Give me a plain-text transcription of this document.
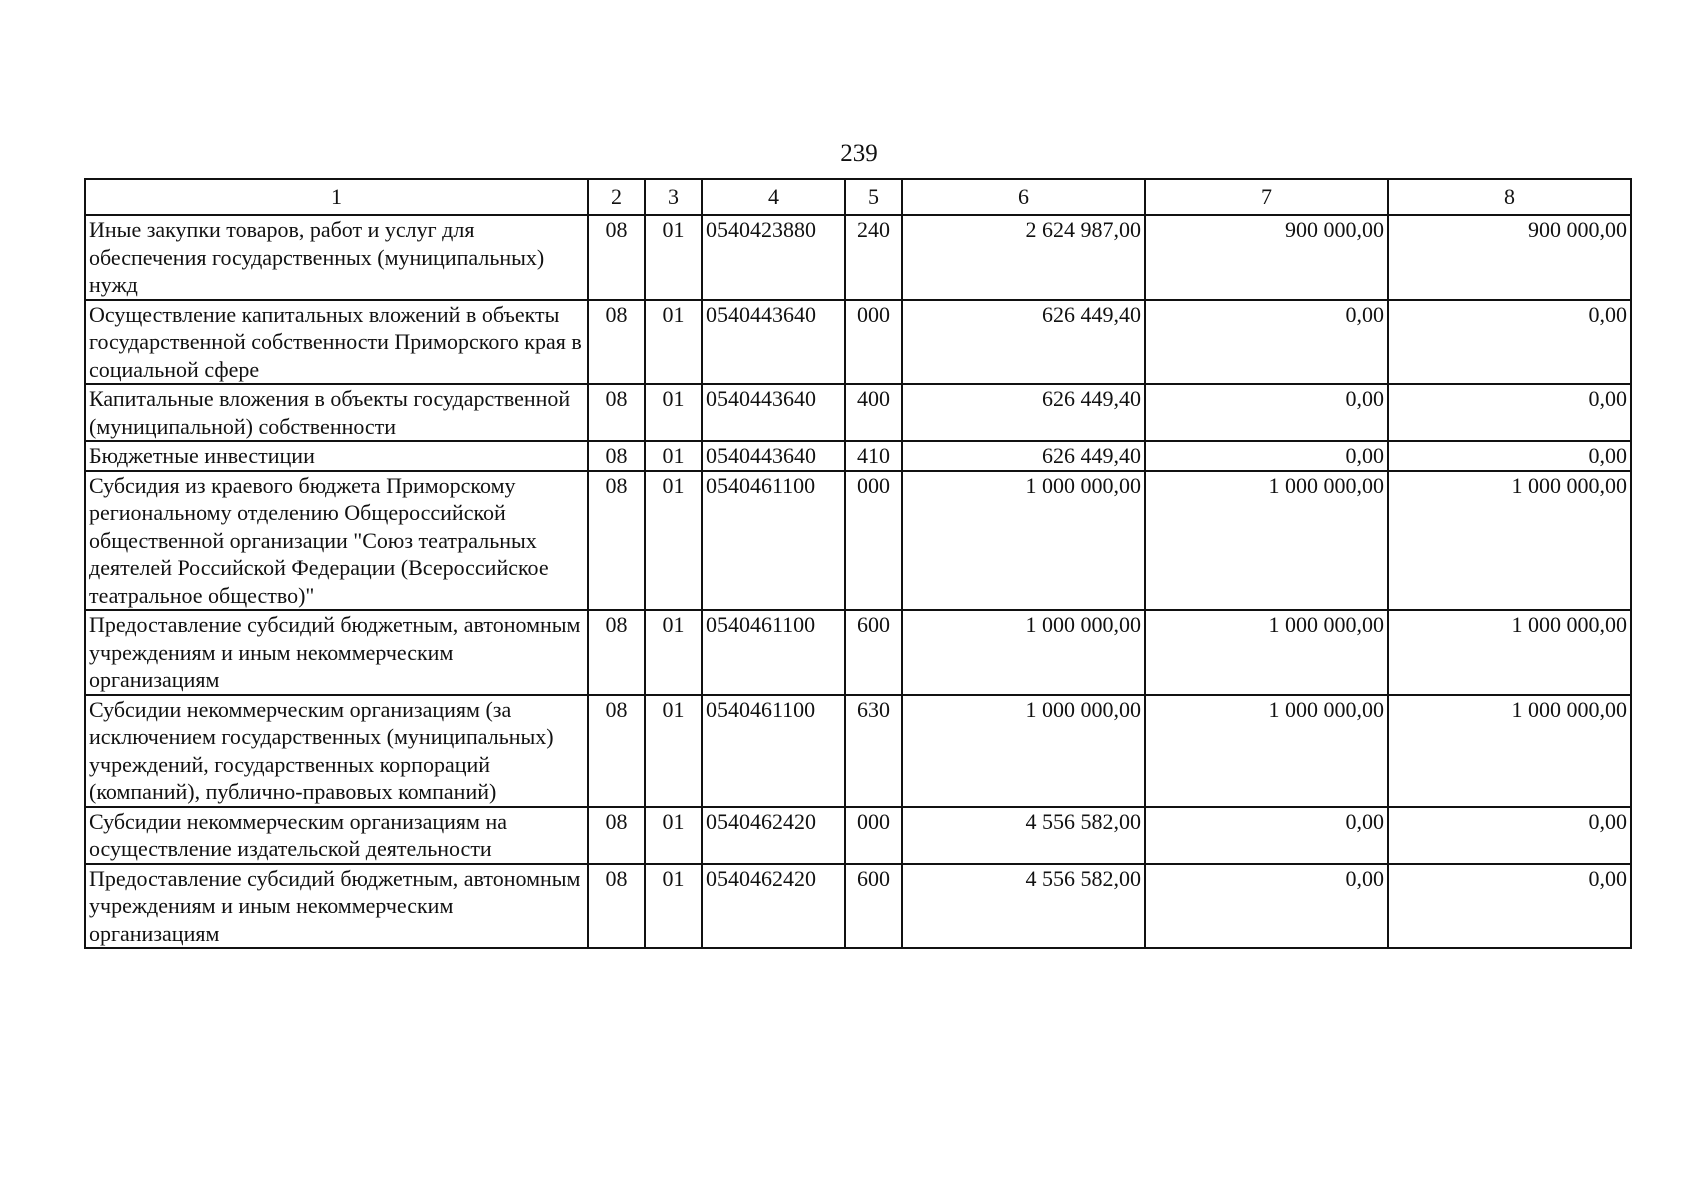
239
1	2	3	4	5	6	7	8
Иные закупки товаров, работ и услуг для обеспечения государственных (муниципальных) нужд	08	01	0540423880	240	2 624 987,00	900 000,00	900 000,00
Осуществление капитальных вложений в объекты государственной собственности Приморского края в социальной сфере	08	01	0540443640	000	626 449,40	0,00	0,00
Капитальные вложения в объекты государственной (муниципальной) собственности	08	01	0540443640	400	626 449,40	0,00	0,00
Бюджетные инвестиции	08	01	0540443640	410	626 449,40	0,00	0,00
Субсидия из краевого бюджета Приморскому региональному отделению Общероссийской общественной организации "Союз театральных деятелей Российской Федерации (Всероссийское театральное общество)"	08	01	0540461100	000	1 000 000,00	1 000 000,00	1 000 000,00
Предоставление субсидий бюджетным, автономным учреждениям и иным некоммерческим организациям	08	01	0540461100	600	1 000 000,00	1 000 000,00	1 000 000,00
Субсидии некоммерческим организациям (за исключением государственных (муниципальных) учреждений, государственных корпораций (компаний), публично-правовых компаний)	08	01	0540461100	630	1 000 000,00	1 000 000,00	1 000 000,00
Субсидии некоммерческим организациям на осуществление издательской деятельности	08	01	0540462420	000	4 556 582,00	0,00	0,00
Предоставление субсидий бюджетным, автономным учреждениям и иным некоммерческим организациям	08	01	0540462420	600	4 556 582,00	0,00	0,00
